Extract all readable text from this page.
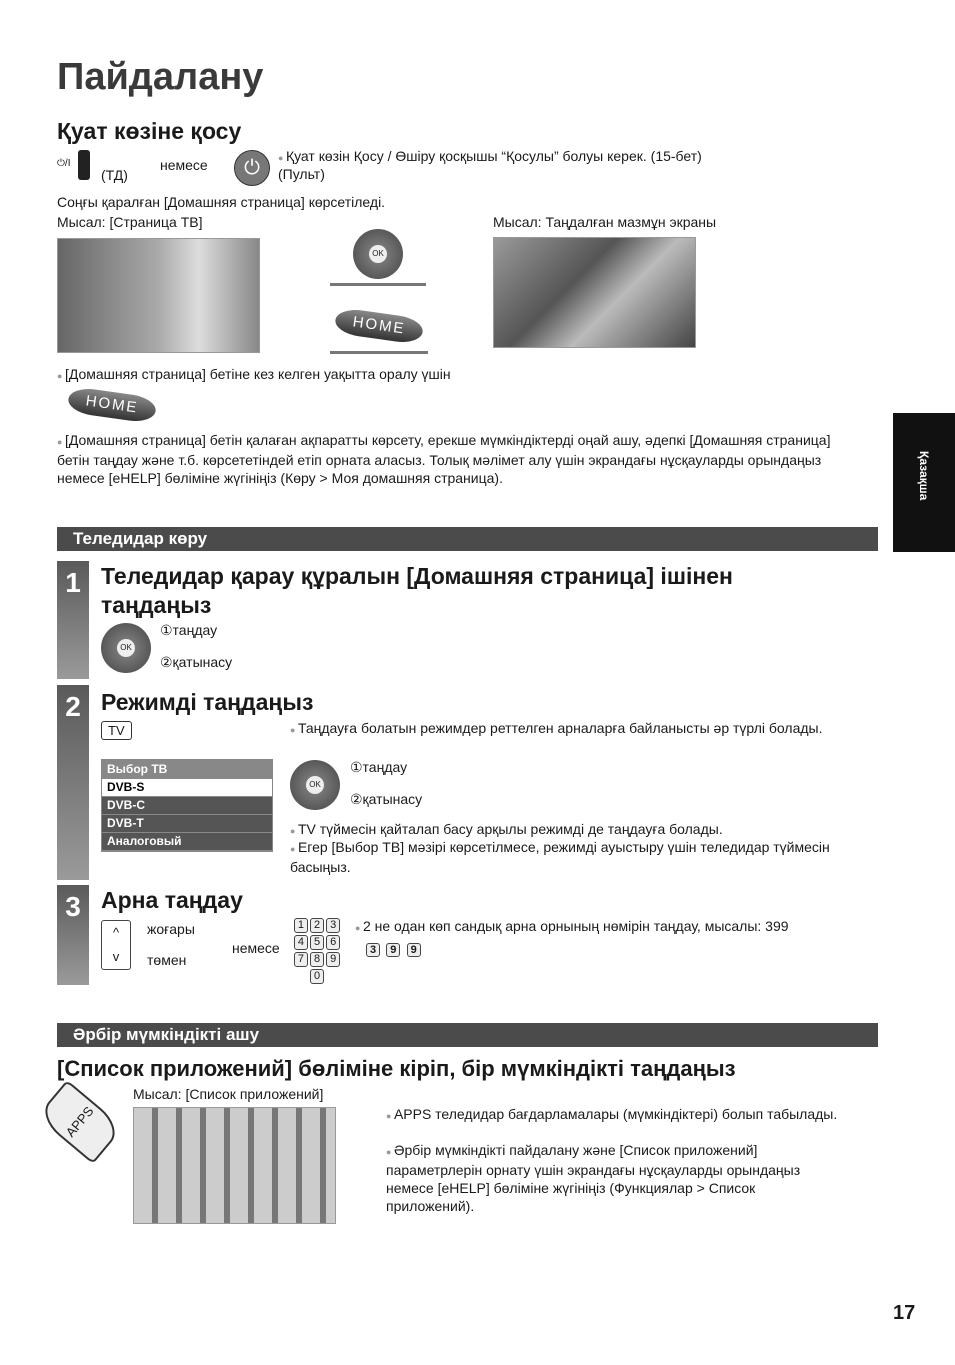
Пайдалану
Қазақша
Қуат көзіне қосу
⏻/I
(ТД)
немесе	⏻
● Қуат көзін Қосу / Өшіру қосқышы “Қосулы” болуы керек. (15-бет)
(Пульт)
Соңғы қаралған [Домашняя страница] көрсетіледі.
Мысал: [Страница ТВ]	Мысал: Таңдалған мазмұн экраны
OK
HOME
● [Домашняя страница] бетіне кез келген уақытта оралу үшін
HOME
● [Домашняя страница] бетін қалаған ақпаратты көрсету, ерекше мүмкіндіктерді оңай ашу, әдепкі [Домашняя страница] бетін таңдау және т.б. көрсететіндей етіп орната аласыз. Толық мәлімет алу үшін экрандағы нұсқауларды орындаңыз немесе [eHELP] бөліміне жүгініңіз (Көру > Моя домашняя страница).
Теледидар көру
1 Теледидар қарау құралын [Домашняя страница] ішінен таңдаңыз
OK
①таңдау
②қатынасу
2 Режимді таңдаңыз
TV
Выбор ТВ
DVB-S
DVB-C
DVB-T
Аналоговый
● Таңдауға болатын режимдер реттелген арналарға байланысты әр түрлі болады.
OK
①таңдау
②қатынасу
● TV түймесін қайталап басу арқылы режимді де таңдауға болады.
● Егер [Выбор ТВ] мәзірі көрсетілмесе, режимді ауыстыру үшін теледидар түймесін басыңыз.
3 Арна таңдау
^
v
жоғары
төмен
немесе
1 2 34 5 67 8 90
● 2 не одан көп сандық арна орнының нөмірін таңдау, мысалы: 399
3 9 9
Әрбір мүмкіндікті ашу
[Список приложений] бөліміне кіріп, бір мүмкіндікті таңдаңыз
Мысал: [Список приложений]
APPS	● APPS теледидар бағдарламалары (мүмкіндіктері) болып табылады.
● Әрбір мүмкіндікті пайдалану және [Список приложений] параметрлерін орнату үшін экрандағы нұсқауларды орындаңыз немесе [eHELP] бөліміне жүгініңіз (Функциялар > Список приложений).
17
